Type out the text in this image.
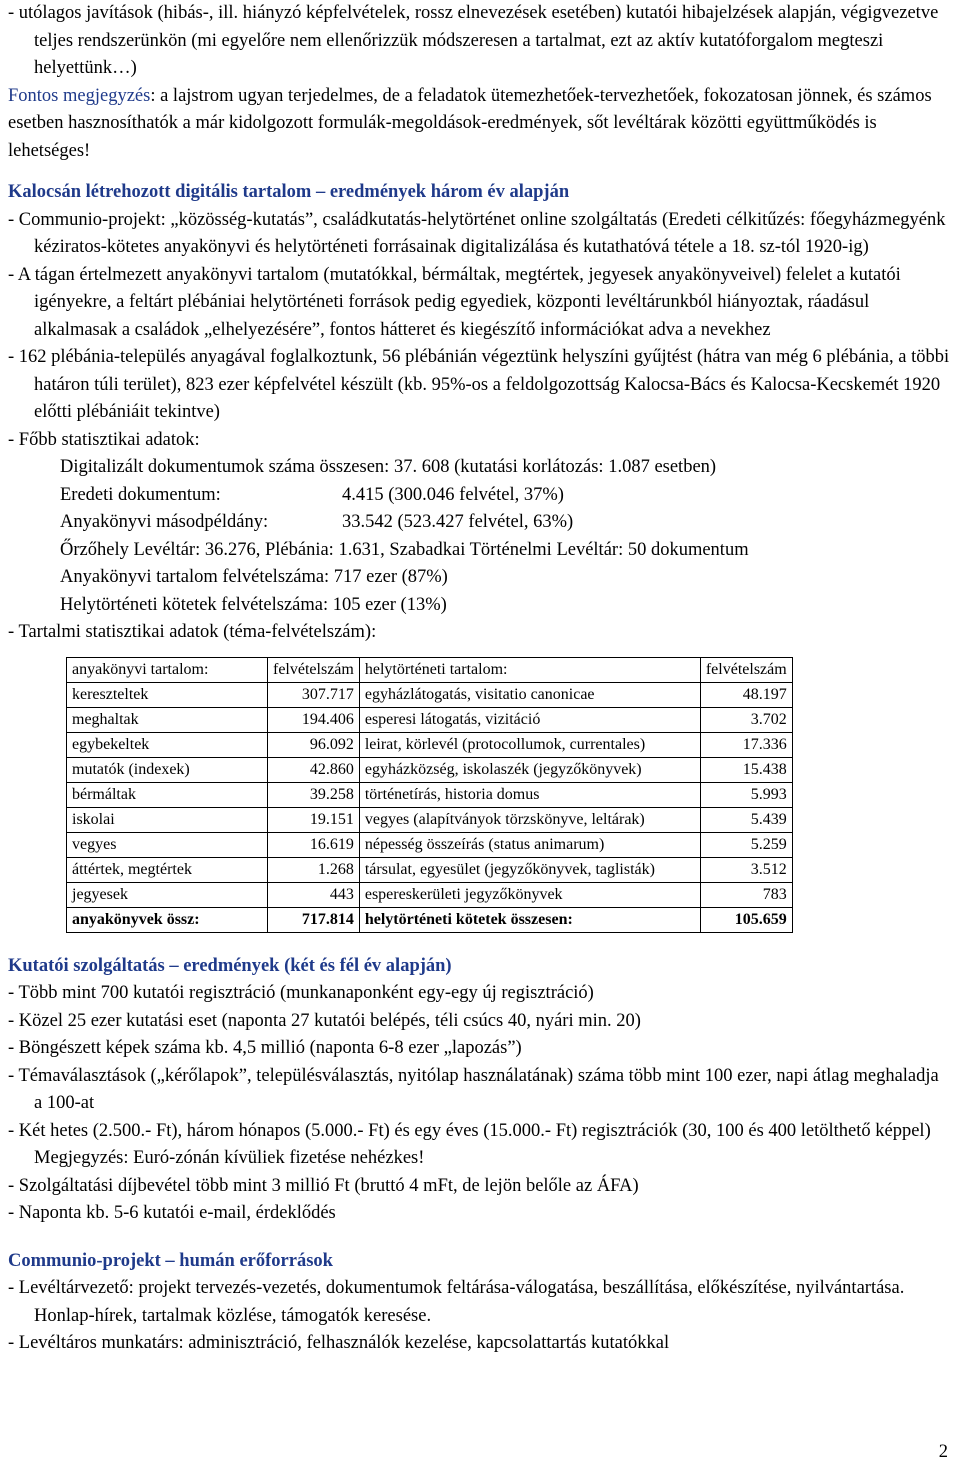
- utólagos javítások (hibás-, ill. hiányzó képfelvételek, rossz elnevezések esetében) kutatói hibajelzések alapján, végigvezetve teljes rendszerünkön (mi egyelőre nem ellenőrizzük módszeresen a tartalmat, ezt az aktív kutatóforgalom megteszi helyettünk…)

Fontos megjegyzés: a lajstrom ugyan terjedelmes, de a feladatok ütemezhetőek-tervezhetőek, fokozatosan jönnek, és számos esetben hasznosíthatók a már kidolgozott formulák-megoldások-eredmények, sőt levéltárak közötti együttműködés is lehetséges!

Kalocsán létrehozott digitális tartalom – eredmények három év alapján

- Communio-projekt: „közösség-kutatás”, családkutatás-helytörténet online szolgáltatás (Eredeti célkitűzés: főegyházmegyénk kéziratos-kötetes anyakönyvi és helytörténeti forrásainak digitalizálása és kutathatóvá tétele a 18. sz-tól 1920-ig)

- A tágan értelmezett anyakönyvi tartalom (mutatókkal, bérmáltak, megtértek, jegyesek anyakönyveivel) felelet a kutatói igényekre, a feltárt plébániai helytörténeti források pedig egyediek, központi levéltárunkból hiányoztak, ráadásul alkalmasak a családok „elhelyezésére”, fontos hátteret és kiegészítő információkat adva a nevekhez

- 162 plébánia-település anyagával foglalkoztunk, 56 plébánián végeztünk helyszíni gyűjtést (hátra van még 6 plébánia, a többi határon túli terület), 823 ezer képfelvétel készült (kb. 95%-os a feldolgozottság Kalocsa-Bács és Kalocsa-Kecskemét 1920 előtti plébániáit tekintve)

- Főbb statisztikai adatok:

Digitalizált dokumentumok száma összesen: 37. 608 (kutatási korlátozás: 1.087 esetben)

Eredeti dokumentum:	4.415 (300.046 felvétel, 37%)

Anyakönyvi másodpéldány:	33.542 (523.427 felvétel, 63%)

Őrzőhely Levéltár: 36.276, Plébánia: 1.631, Szabadkai Történelmi Levéltár: 50 dokumentum

Anyakönyvi tartalom felvételszáma: 717 ezer (87%)

Helytörténeti kötetek felvételszáma: 105 ezer (13%)

- Tartalmi statisztikai adatok (téma-felvételszám):

anyakönyvi tartalom:	felvételszám	helytörténeti tartalom:	felvételszám
kereszteltek	307.717	egyházlátogatás, visitatio canonicae	48.197
meghaltak	194.406	esperesi látogatás, vizitáció	3.702
egybekeltek	96.092	leirat, körlevél (protocollumok, currentales)	17.336
mutatók (indexek)	42.860	egyházközség, iskolaszék (jegyzőkönyvek)	15.438
bérmáltak	39.258	történetírás, historia domus	5.993
iskolai	19.151	vegyes (alapítványok törzskönyve, leltárak)	5.439
vegyes	16.619	népesség összeírás (status animarum)	5.259
áttértek, megtértek	1.268	társulat, egyesület (jegyzőkönyvek, taglisták)	3.512
jegyesek	443	espereskerületi jegyzőkönyvek	783
anyakönyvek össz:	717.814	helytörténeti kötetek összesen:	105.659

Kutatói szolgáltatás – eredmények (két és fél év alapján)

- Több mint 700 kutatói regisztráció (munkanaponként egy-egy új regisztráció)

- Közel 25 ezer kutatási eset (naponta 27 kutatói belépés, téli csúcs 40, nyári min. 20)

- Böngészett képek száma kb. 4,5 millió (naponta 6-8 ezer „lapozás”)

- Témaválasztások („kérőlapok”, településválasztás, nyitólap használatának) száma több mint 100 ezer, napi átlag meghaladja a 100-at

- Két hetes (2.500.- Ft), három hónapos (5.000.- Ft) és egy éves (15.000.- Ft) regisztrációk (30, 100 és 400 letölthető képpel) Megjegyzés: Euró-zónán kívüliek fizetése nehézkes!

- Szolgáltatási díjbevétel több mint 3 millió Ft (bruttó 4 mFt, de lejön belőle az ÁFA)

- Naponta kb. 5-6 kutatói e-mail, érdeklődés

Communio-projekt – humán erőforrások

- Levéltárvezető: projekt tervezés-vezetés, dokumentumok feltárása-válogatása, beszállítása, előkészítése, nyilvántartása. Honlap-hírek, tartalmak közlése, támogatók keresése.

- Levéltáros munkatárs: adminisztráció, felhasználók kezelése, kapcsolattartás kutatókkal

2
